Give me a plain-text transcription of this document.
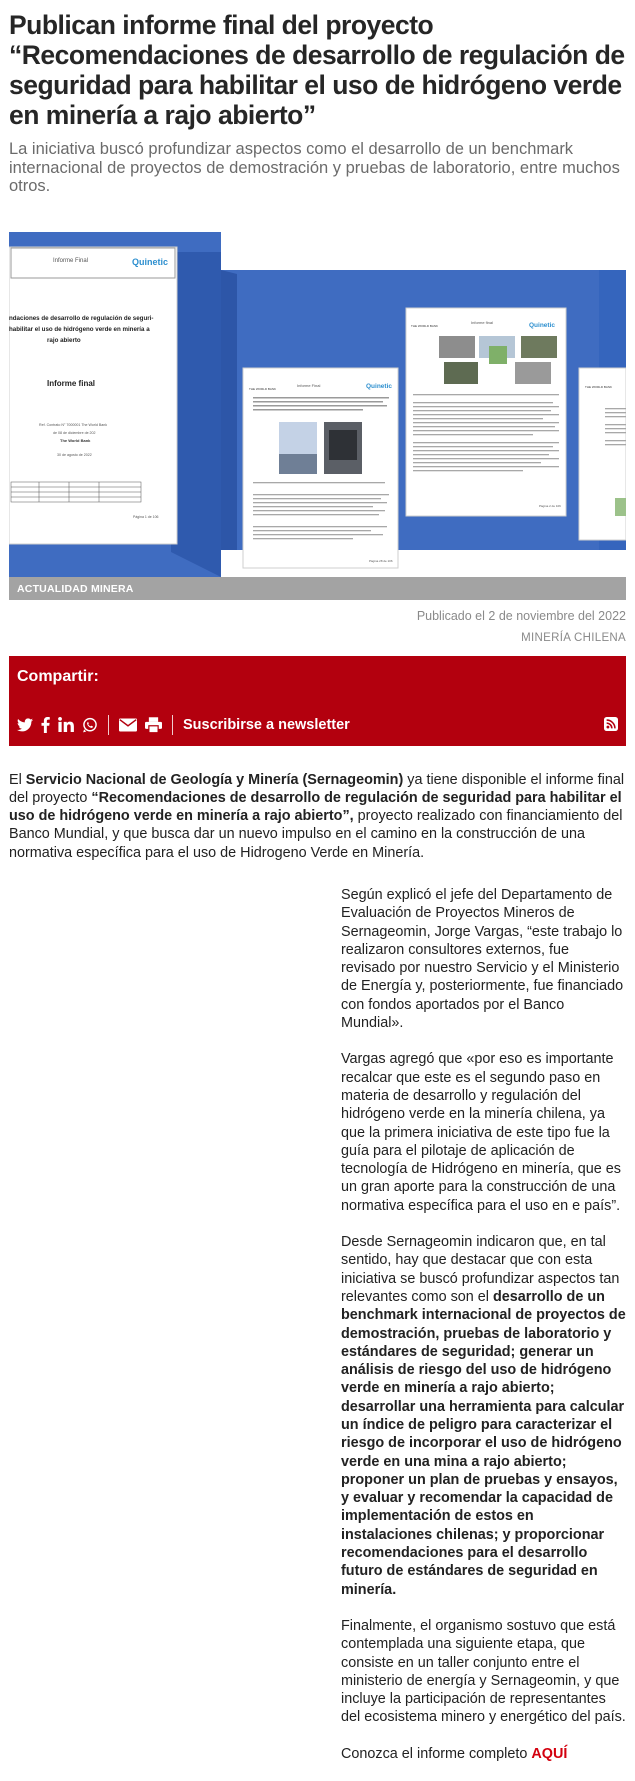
Publican informe final del proyecto “Recomendaciones de desarrollo de regulación de seguridad para habilitar el uso de hidrógeno verde en minería a rajo abierto”

La iniciativa buscó profundizar aspectos como el desarrollo de un benchmark internacional de proyectos de demostración y pruebas de laboratorio, entre muchos otros.

Informe Final	Quinetic
ndaciones de desarrollo de regulación de seguri-
habilitar el uso de hidrógeno verde en minería a
rajo abierto
Informe final
Ref. Contrato N° 7000001 The World Bank
de 08 de diciembre de 202
The World Bank
30 de agosto de 2022
Página 1 de 106
THE WORLD BANK
Informe Final	Quinetic
Página 28 de 106
THE WORLD BANK
Informe final	Quinetic
Página 2 de 106
THE WORLD BANK
ACTUALIDAD MINERA
Publicado el 2 de noviembre del 2022
MINERÍA CHILENA
Compartir:
Suscribirse a newsletter

El Servicio Nacional de Geología y Minería (Sernageomin) ya tiene disponible el informe final del proyecto “Recomendaciones de desarrollo de regulación de seguridad para habilitar el uso de hidrógeno verde en minería a rajo abierto”, proyecto realizado con financiamiento del Banco Mundial, y que busca dar un nuevo impulso en el camino en la construcción de una normativa específica para el uso de Hidrogeno Verde en Minería.

Según explicó el jefe del Departamento de Evaluación de Proyectos Mineros de Sernageomin, Jorge Vargas, “este trabajo lo realizaron consultores externos, fue revisado por nuestro Servicio y el Ministerio de Energía y, posteriormente, fue financiado con fondos aportados por el Banco Mundial».

Vargas agregó que «por eso es importante recalcar que este es el segundo paso en materia de desarrollo y regulación del hidrógeno verde en la minería chilena, ya que la primera iniciativa de este tipo fue la guía para el pilotaje de aplicación de tecnología de Hidrógeno en minería, que es un gran aporte para la construcción de una normativa específica para el uso en e país”.

Desde Sernageomin indicaron que, en tal sentido, hay que destacar que con esta iniciativa se buscó profundizar aspectos tan relevantes como son el desarrollo de un benchmark internacional de proyectos de demostración, pruebas de laboratorio y estándares de seguridad; generar un análisis de riesgo del uso de hidrógeno verde en minería a rajo abierto; desarrollar una herramienta para calcular un índice de peligro para caracterizar el riesgo de incorporar el uso de hidrógeno verde en una mina a rajo abierto; proponer un plan de pruebas y ensayos, y evaluar y recomendar la capacidad de implementación de estos en instalaciones chilenas; y proporcionar recomendaciones para el desarrollo futuro de estándares de seguridad en minería.

Finalmente, el organismo sostuvo que está contemplada una siguiente etapa, que consiste en un taller conjunto entre el ministerio de energía y Sernageomin, y que incluye la participación de representantes del ecosistema minero y energético del país.

Conozca el informe completo AQUÍ
